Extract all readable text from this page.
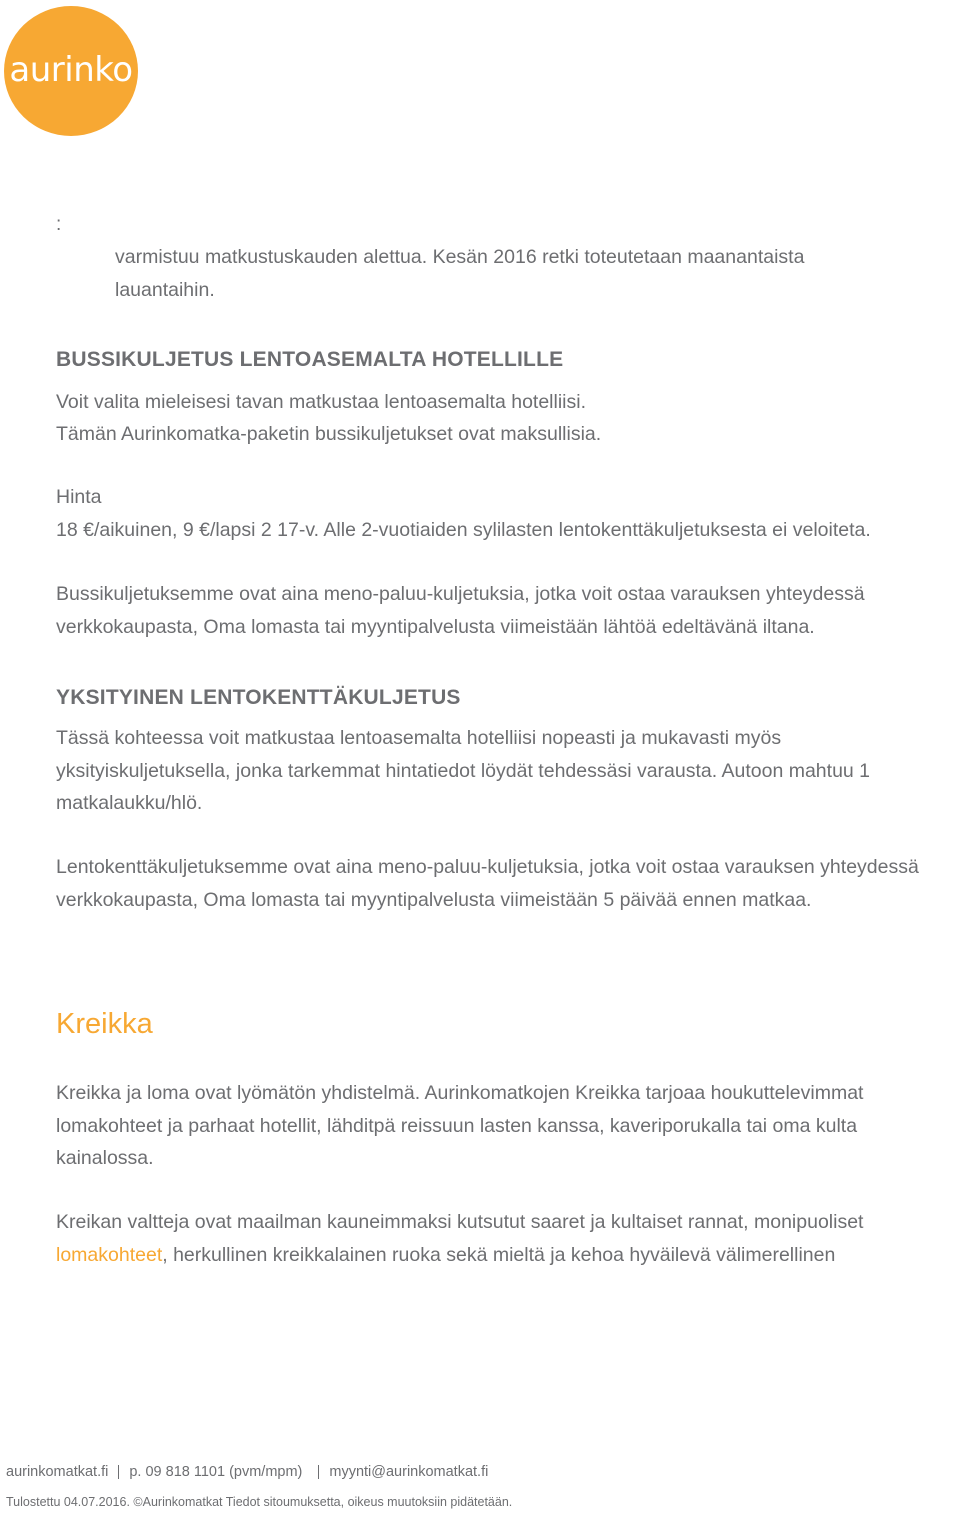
aurinko
:

varmistuu matkustuskauden alettua. Kesän 2016 retki toteutetaan maanantaista lauantaihin.

BUSSIKULJETUS LENTOASEMALTA HOTELLILLE

Voit valita mieleisesi tavan matkustaa lentoasemalta hotelliisi.

Tämän Aurinkomatka-paketin bussikuljetukset ovat maksullisia.

Hinta

18 €/aikuinen, 9 €/lapsi 2 17-v. Alle 2-vuotiaiden sylilasten lentokenttäkuljetuksesta ei veloiteta.

Bussikuljetuksemme ovat aina meno-paluu-kuljetuksia, jotka voit ostaa varauksen yhteydessä verkkokaupasta, Oma lomasta tai myyntipalvelusta viimeistään lähtöä edeltävänä iltana.

YKSITYINEN LENTOKENTTÄKULJETUS

Tässä kohteessa voit matkustaa lentoasemalta hotelliisi nopeasti ja mukavasti myös yksityiskuljetuksella, jonka tarkemmat hintatiedot löydät tehdessäsi varausta. Autoon mahtuu 1 matkalaukku/hlö.

Lentokenttäkuljetuksemme ovat aina meno-paluu-kuljetuksia, jotka voit ostaa varauksen yhteydessä verkkokaupasta, Oma lomasta tai myyntipalvelusta viimeistään 5 päivää ennen matkaa.

Kreikka

Kreikka ja loma ovat lyömätön yhdistelmä. Aurinkomatkojen Kreikka tarjoaa houkuttelevimmat lomakohteet ja parhaat hotellit, lähditpä reissuun lasten kanssa, kaveriporukalla tai oma kulta kainalossa.

Kreikan valtteja ovat maailman kauneimmaksi kutsutut saaret ja kultaiset rannat, monipuoliset lomakohteet, herkullinen kreikkalainen ruoka sekä mieltä ja kehoa hyväilevä välimerellinen

aurinkomatkat.fi p. 09 818 1101 (pvm/mpm) myynti@aurinkomatkat.fi
Tulostettu 04.07.2016. ©Aurinkomatkat Tiedot sitoumuksetta, oikeus muutoksiin pidätetään.
